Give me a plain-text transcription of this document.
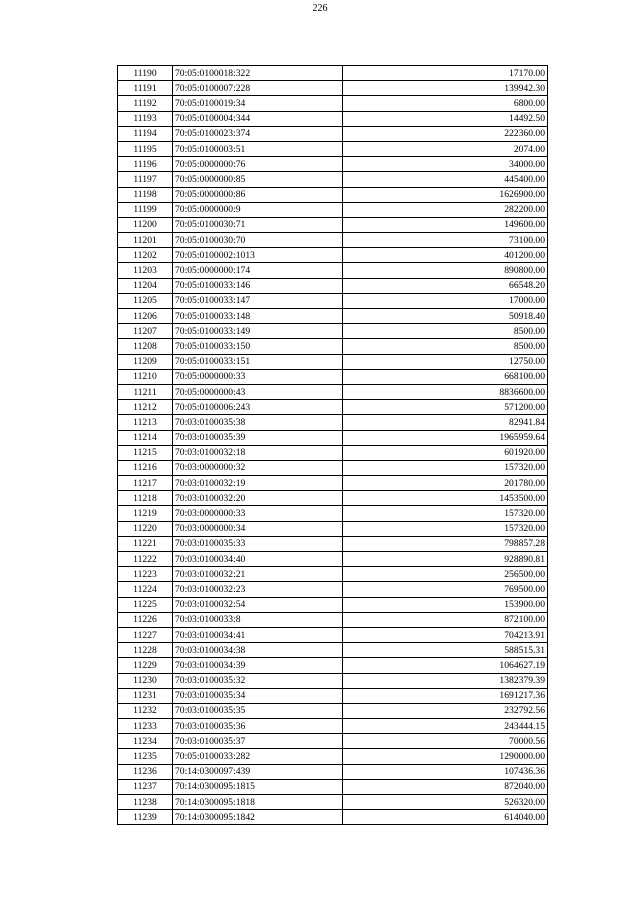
226
11190	70:05:0100018:322	17170.00
11191	70:05:0100007:228	139942.30
11192	70:05:0100019:34	6800.00
11193	70:05:0100004:344	14492.50
11194	70:05:0100023:374	222360.00
11195	70:05:0100003:51	2074.00
11196	70:05:0000000:76	34000.00
11197	70:05:0000000:85	445400.00
11198	70:05:0000000:86	1626900.00
11199	70:05:0000000:9	282200.00
11200	70:05:0100030:71	149600.00
11201	70:05:0100030:70	73100.00
11202	70:05:0100002:1013	401200.00
11203	70:05:0000000:174	890800.00
11204	70:05:0100033:146	66548.20
11205	70:05:0100033:147	17000.00
11206	70:05:0100033:148	50918.40
11207	70:05:0100033:149	8500.00
11208	70:05:0100033:150	8500.00
11209	70:05:0100033:151	12750.00
11210	70:05:0000000:33	668100.00
11211	70:05:0000000:43	8836600.00
11212	70:05:0100006:243	571200.00
11213	70:03:0100035:38	82941.84
11214	70:03:0100035:39	1965959.64
11215	70:03:0100032:18	601920.00
11216	70:03:0000000:32	157320.00
11217	70:03:0100032:19	201780.00
11218	70:03:0100032:20	1453500.00
11219	70:03:0000000:33	157320.00
11220	70:03:0000000:34	157320.00
11221	70:03:0100035:33	798857.28
11222	70:03:0100034:40	928890.81
11223	70:03:0100032:21	256500.00
11224	70:03:0100032:23	769500.00
11225	70:03:0100032:54	153900.00
11226	70:03:0100033:8	872100.00
11227	70:03:0100034:41	704213.91
11228	70:03:0100034:38	588515.31
11229	70:03:0100034:39	1064627.19
11230	70:03:0100035:32	1382379.39
11231	70:03:0100035:34	1691217.36
11232	70:03:0100035:35	232792.56
11233	70:03:0100035:36	243444.15
11234	70:03:0100035:37	70000.56
11235	70:05:0100033:282	1290000.00
11236	70:14:0300097:439	107436.36
11237	70:14:0300095:1815	872040.00
11238	70:14:0300095:1818	526320.00
11239	70:14:0300095:1842	614040.00
